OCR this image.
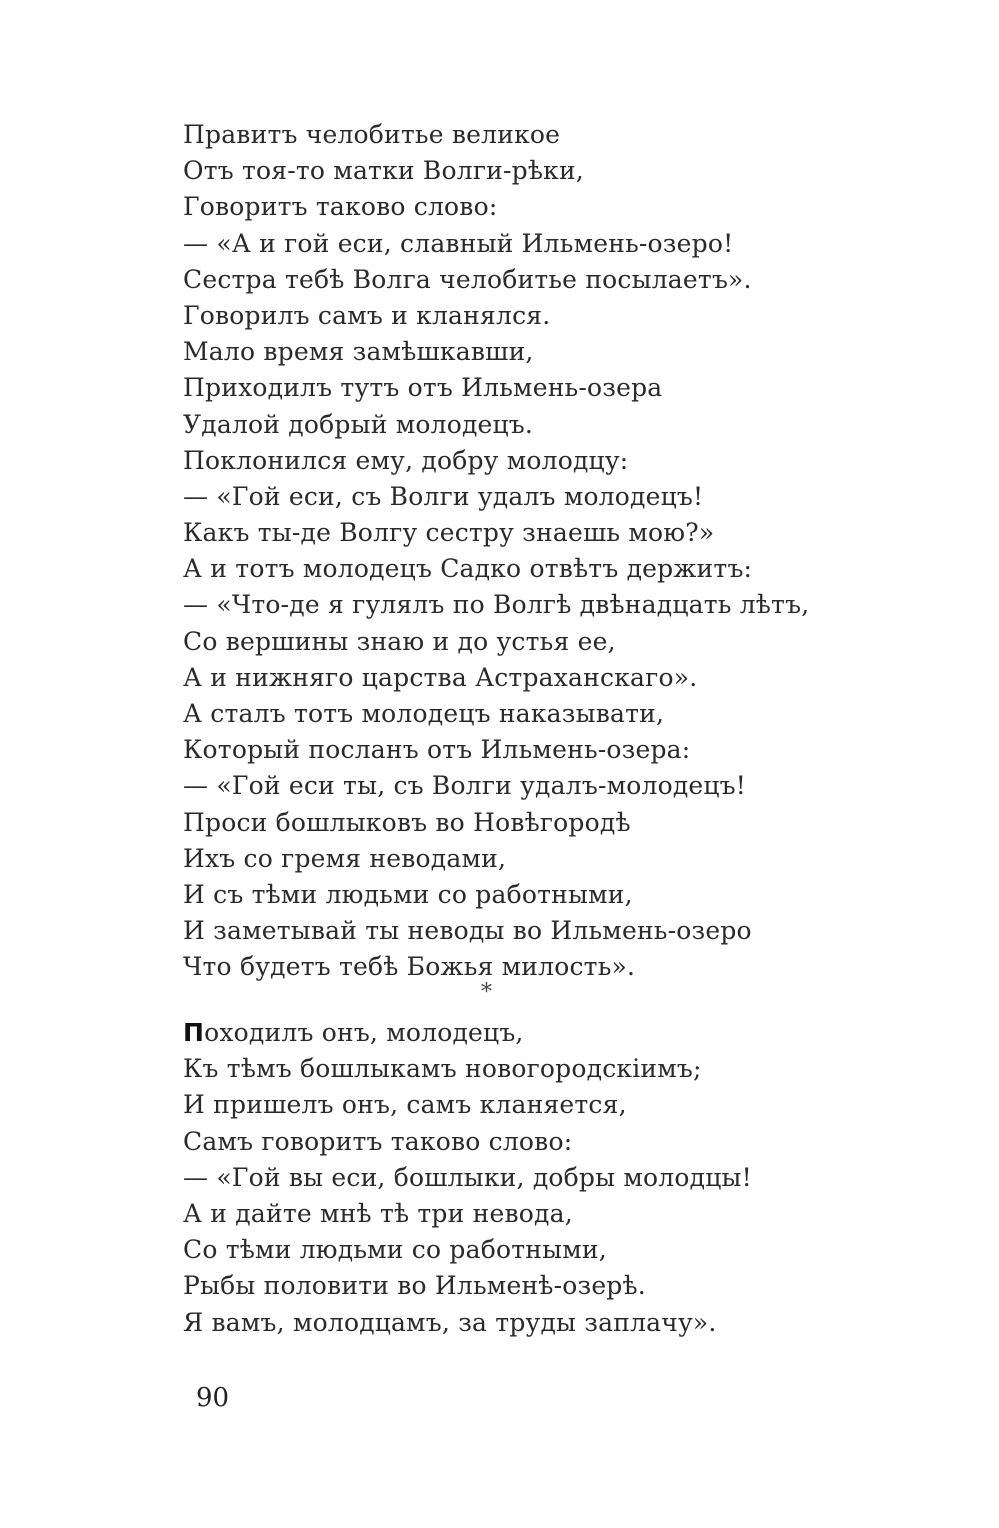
Правитъ челобитье великое
Отъ тоя-то матки Волги-рѣки,
Говоритъ таково слово:
— «А и гой еси, славный Ильмень-озеро!
Сестра тебѣ Волга челобитье посылаетъ».
Говорилъ самъ и кланялся.
Мало время замѣшкавши,
Приходилъ тутъ отъ Ильмень-озера
Удалой добрый молодецъ.
Поклонился ему, добру молодцу:
— «Гой еси, съ Волги удалъ молодецъ!
Какъ ты-де Волгу сестру знаешь мою?»
А и тотъ молодецъ Садко отвѣтъ держитъ:
— «Что-де я гулялъ по Волгѣ двѣнадцать лѣтъ,
Со вершины знаю и до устья ее,
А и нижняго царства Астраханскаго».
А сталъ тотъ молодецъ наказывати,
Который посланъ отъ Ильмень-озера:
— «Гой еси ты, съ Волги удалъ-молодецъ!
Проси бошлыковъ во Новѣгородѣ
Ихъ со гремя неводами,
И съ тѣми людьми со работными,
И заметывай ты неводы во Ильмень-озеро
Что будетъ тебѣ Божья милость».
*
Походилъ онъ, молодецъ,
Къ тѣмъ бошлыкамъ новогородскіимъ;
И пришелъ онъ, самъ кланяется,
Самъ говоритъ таково слово:
— «Гой вы еси, бошлыки, добры молодцы!
А и дайте мнѣ тѣ три невода,
Со тѣми людьми со работными,
Рыбы половити во Ильменѣ-озерѣ.
Я вамъ, молодцамъ, за труды заплачу».
90
